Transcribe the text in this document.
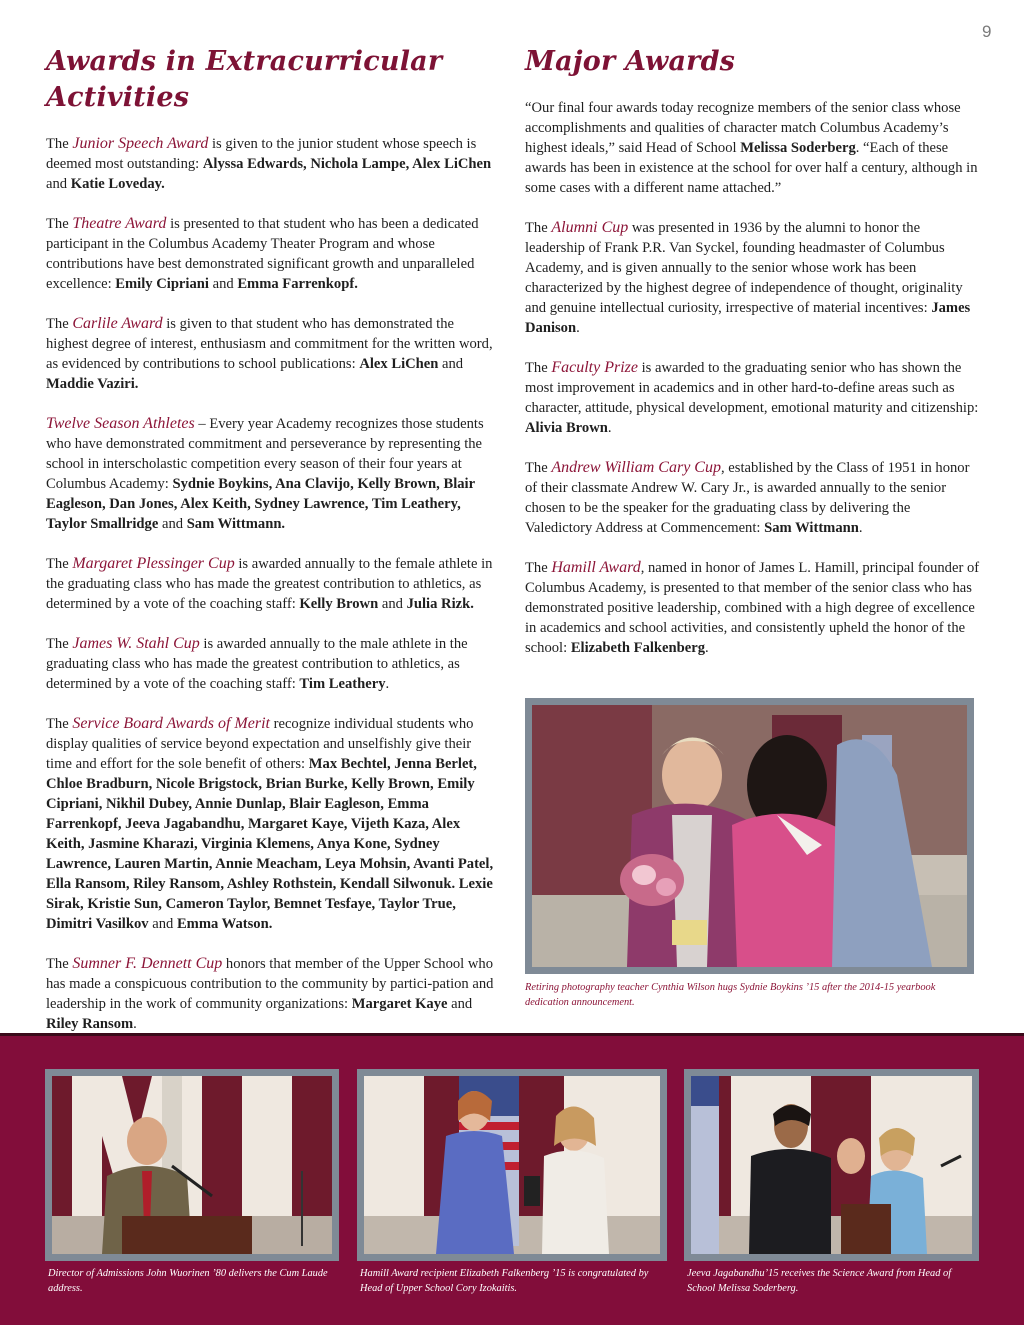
9
Awards in Extracurricular Activities

The Junior Speech Award is given to the junior student whose speech is deemed most outstanding: Alyssa Edwards, Nichola Lampe, Alex LiChen and Katie Loveday.

The Theatre Award is presented to that student who has been a dedicated participant in the Columbus Academy Theater Program and whose contributions have best demonstrated significant growth and unparalleled excellence: Emily Cipriani and Emma Farrenkopf.

The Carlile Award is given to that student who has demonstrated the highest degree of interest, enthusiasm and commitment for the written word, as evidenced by contributions to school publications: Alex LiChen and Maddie Vaziri.

Twelve Season Athletes – Every year Academy recognizes those students who have demonstrated commitment and perseverance by representing the school in interscholastic competition every season of their four years at Columbus Academy: Sydnie Boykins, Ana Clavijo, Kelly Brown, Blair Eagleson, Dan Jones, Alex Keith, Sydney Lawrence, Tim Leathery, Taylor Smallridge and Sam Wittmann.

The Margaret Plessinger Cup is awarded annually to the female athlete in the graduating class who has made the greatest contribution to athletics, as determined by a vote of the coaching staff: Kelly Brown and Julia Rizk.

The James W. Stahl Cup is awarded annually to the male athlete in the graduating class who has made the greatest contribution to athletics, as determined by a vote of the coaching staff: Tim Leathery.

The Service Board Awards of Merit recognize individual students who display qualities of service beyond expectation and unselfishly give their time and effort for the sole benefit of others: Max Bechtel, Jenna Berlet, Chloe Bradburn, Nicole Brigstock, Brian Burke, Kelly Brown, Emily Cipriani, Nikhil Dubey, Annie Dunlap, Blair Eagleson, Emma Farrenkopf, Jeeva Jagabandhu, Margaret Kaye, Vijeth Kaza, Alex Keith, Jasmine Kharazi, Virginia Klemens, Anya Kone, Sydney Lawrence, Lauren Martin, Annie Meacham, Leya Mohsin, Avanti Patel, Ella Ransom, Riley Ransom, Ashley Rothstein, Kendall Silwonuk. Lexie Sirak, Kristie Sun, Cameron Taylor, Bemnet Tesfaye, Taylor True, Dimitri Vasilkov and Emma Watson.

The Sumner F. Dennett Cup honors that member of the Upper School who has made a conspicuous contribution to the community by partici-pation and leadership in the work of community organizations: Margaret Kaye and Riley Ransom.

Major Awards

“Our final four awards today recognize members of the senior class whose accomplishments and qualities of character match Columbus Academy’s highest ideals,” said Head of School Melissa Soderberg. “Each of these awards has been in existence at the school for over half a century, although in some cases with a different name attached.”

The Alumni Cup was presented in 1936 by the alumni to honor the leadership of Frank P.R. Van Syckel, founding headmaster of Columbus Academy, and is given annually to the senior whose work has been characterized by the highest degree of independence of thought, originality and genuine intellectual curiosity, irrespective of material incentives: James Danison.

The Faculty Prize is awarded to the graduating senior who has shown the most improvement in academics and in other hard-to-define areas such as character, attitude, physical development, emotional maturity and citizenship: Alivia Brown.

The Andrew William Cary Cup, established by the Class of 1951 in honor of their classmate Andrew W. Cary Jr., is awarded annually to the senior chosen to be the speaker for the graduating class by delivering the Valedictory Address at Commencement: Sam Wittmann.

The Hamill Award, named in honor of James L. Hamill, principal founder of Columbus Academy, is presented to that member of the senior class who has demonstrated positive leadership, combined with a high degree of excellence in academics and school activities, and consistently upheld the honor of the school: Elizabeth Falkenberg.

Retiring photography teacher Cynthia Wilson hugs Sydnie Boykins ’15 after the 2014-15 yearbook dedication announcement.
Director of Admissions John Wuorinen ’80 delivers the Cum Laude address.
Hamill Award recipient Elizabeth Falkenberg ’15 is congratulated by Head of Upper School Cory Izokaitis.
Jeeva Jagabandhu’15 receives the Science Award from Head of School Melissa Soderberg.
